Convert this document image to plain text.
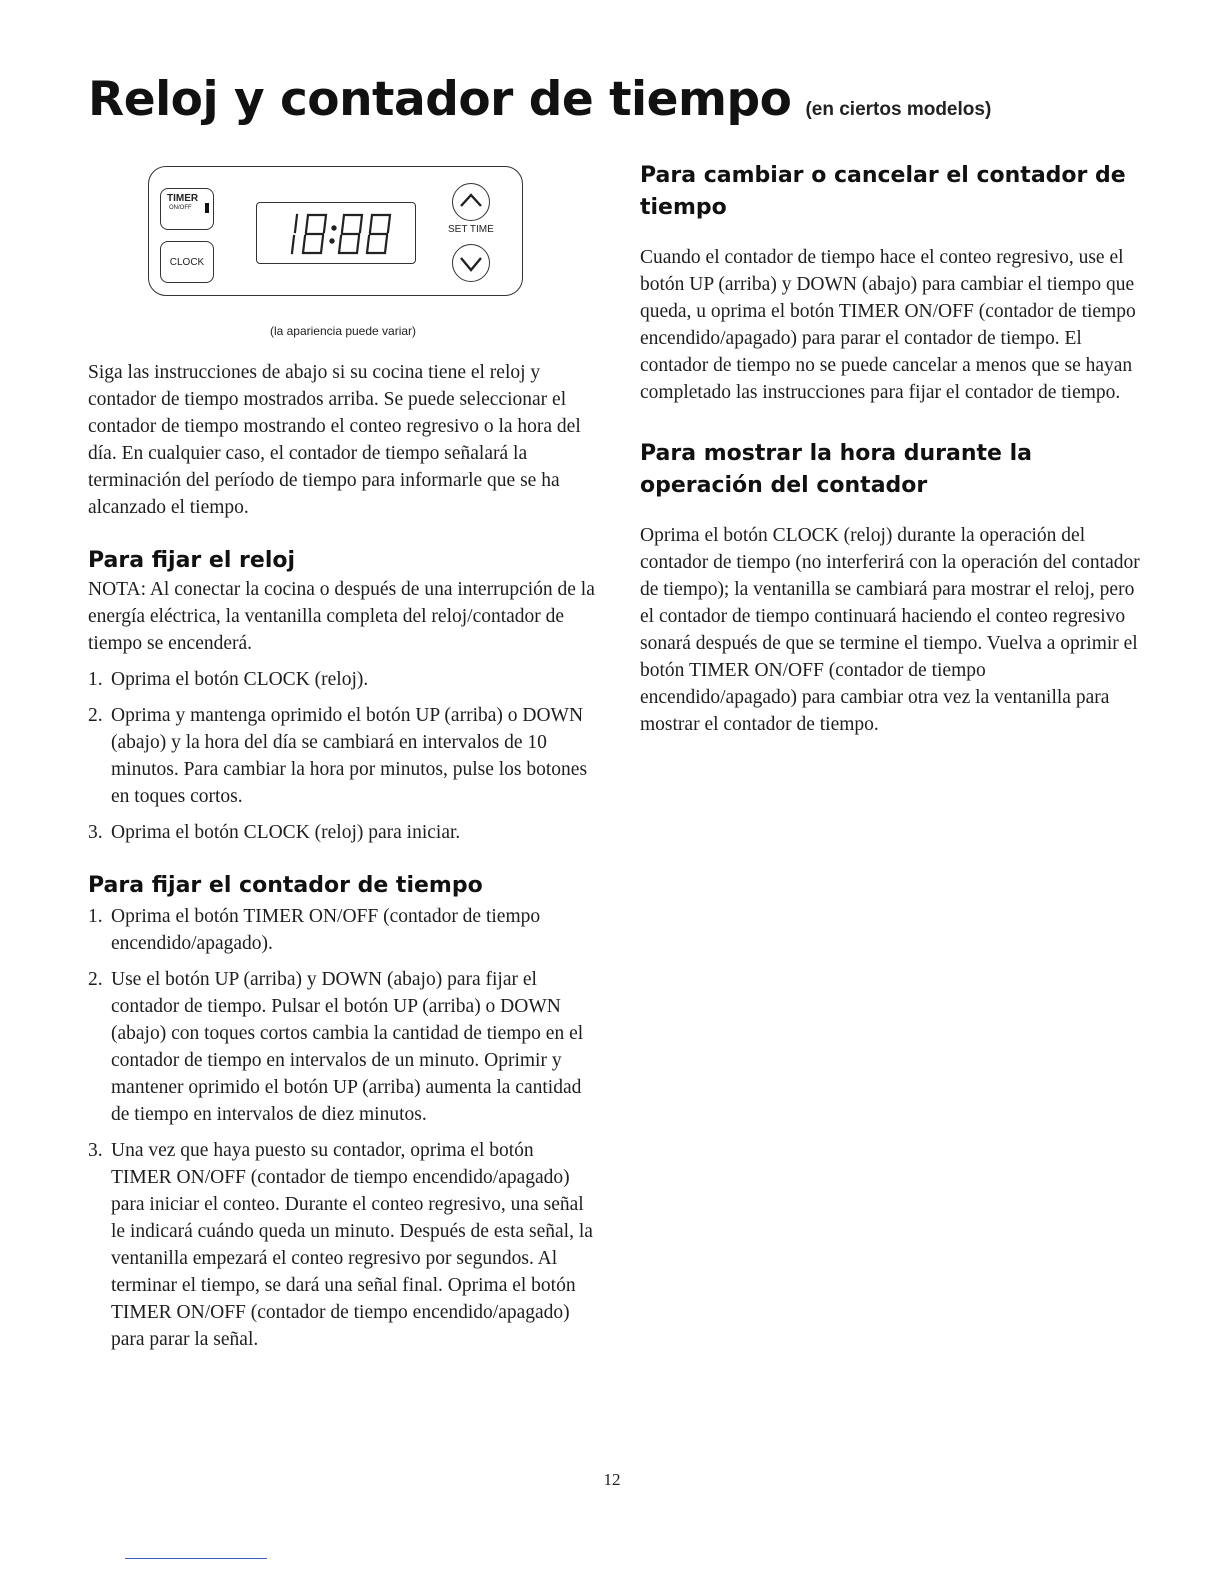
Reloj y contador de tiempo (en ciertos modelos)
TIMER
ON/OFF
CLOCK
SET TIME

(la apariencia puede variar)

Siga las instrucciones de abajo si su cocina tiene el reloj y contador de tiempo mostrados arriba. Se puede seleccionar el contador de tiempo mostrando el conteo regresivo o la hora del día. En cualquier caso, el contador de tiempo señalará la terminación del período de tiempo para informarle que se ha alcanzado el tiempo.

Para fijar el reloj

NOTA: Al conectar la cocina o después de una interrupción de la energía eléctrica, la ventanilla completa del reloj/contador de tiempo se encenderá.

1. Oprima el botón CLOCK (reloj).
2. Oprima y mantenga oprimido el botón UP (arriba) o DOWN (abajo) y la hora del día se cambiará en intervalos de 10 minutos. Para cambiar la hora por minutos, pulse los botones en toques cortos.
3. Oprima el botón CLOCK (reloj) para iniciar.
Para fijar el contador de tiempo
1. Oprima el botón TIMER ON/OFF (contador de tiempo encendido/apagado).
2. Use el botón UP (arriba) y DOWN (abajo) para fijar el contador de tiempo. Pulsar el botón UP (arriba) o DOWN (abajo) con toques cortos cambia la cantidad de tiempo en el contador de tiempo en intervalos de un minuto. Oprimir y mantener oprimido el botón UP (arriba) aumenta la cantidad de tiempo en intervalos de diez minutos.
3. Una vez que haya puesto su contador, oprima el botón TIMER ON/OFF (contador de tiempo encendido/apagado) para iniciar el conteo. Durante el conteo regresivo, una señal le indicará cuándo queda un minuto. Después de esta señal, la ventanilla empezará el conteo regresivo por segundos. Al terminar el tiempo, se dará una señal final. Oprima el botón TIMER ON/OFF (contador de tiempo encendido/apagado) para parar la señal.
Para cambiar o cancelar el contador de tiempo

Cuando el contador de tiempo hace el conteo regresivo, use el botón UP (arriba) y DOWN (abajo) para cambiar el tiempo que queda, u oprima el botón TIMER ON/OFF (contador de tiempo encendido/apagado) para parar el contador de tiempo. El contador de tiempo no se puede cancelar a menos que se hayan completado las instrucciones para fijar el contador de tiempo.

Para mostrar la hora durante la operación del contador

Oprima el botón CLOCK (reloj) durante la operación del contador de tiempo (no interferirá con la operación del contador de tiempo); la ventanilla se cambiará para mostrar el reloj, pero el contador de tiempo continuará haciendo el conteo regresivo sonará después de que se termine el tiempo. Vuelva a oprimir el botón TIMER ON/OFF (contador de tiempo encendido/apagado) para cambiar otra vez la ventanilla para mostrar el contador de tiempo.

12
